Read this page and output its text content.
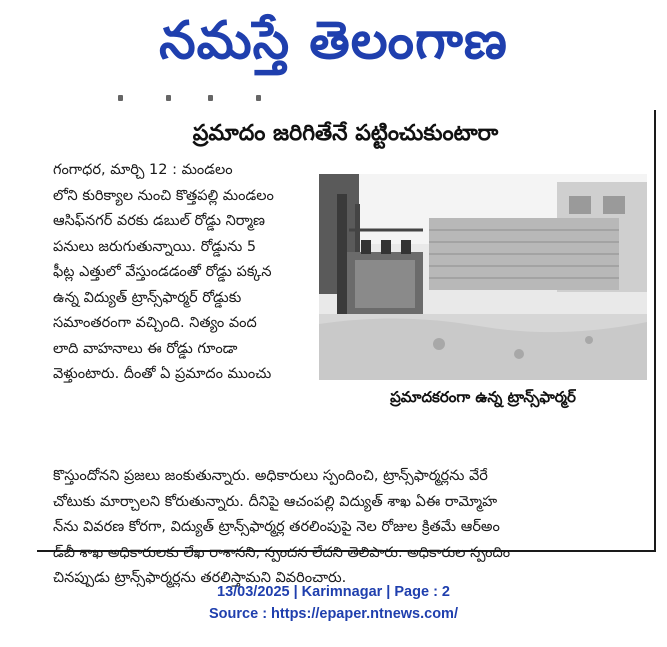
నమస్తే తెలంగాణ
ప్రమాదం జరిగితేనే పట్టించుకుంటారా
గంగాధర, మార్చి 12 : మండలం
లోని కురిక్యాల నుంచి కొత్తపల్లి మండలం
ఆసిఫ్‌నగర్ వరకు డబుల్ రోడ్డు నిర్మాణ
పనులు జరుగుతున్నాయి. రోడ్డును 5
ఫీట్ల ఎత్తులో వేస్తుండడంతో రోడ్డు పక్కన
ఉన్న విద్యుత్ ట్రాన్స్‌ఫార్మర్ రోడ్డుకు
సమాంతరంగా వచ్చింది. నిత్యం వంద
లాది వాహనాలు ఈ రోడ్డు గూండా
వెళ్తుంటారు. దీంతో ఏ ప్రమాదం ముంచు
ప్రమాదకరంగా ఉన్న ట్రాన్స్‌ఫార్మర్
కొస్తుందోనని ప్రజలు జంకుతున్నారు. అధికారులు స్పందించి, ట్రాన్స్‌ఫార్మర్లను వేరే
చోటుకు మార్చాలని కోరుతున్నారు. దీనిపై ఆచంపల్లి విద్యుత్ శాఖ ఏఈ రామ్మోహ
న్‌ను వివరణ కోరగా, విద్యుత్ ట్రాన్స్‌ఫార్మర్ల తరలింపుపై నెల రోజుల క్రితమే ఆర్అం
డ్‌బీ శాఖ అధికారులకు లేఖ రాశానని, స్పందన లేదని తెలిపారు. అధికారుల స్పందిం
చినప్పుడు ట్రాన్స్‌ఫార్మర్లను తరలిస్తామని వివరించారు.
13/03/2025 | Karimnagar | Page : 2
Source : https://epaper.ntnews.com/
